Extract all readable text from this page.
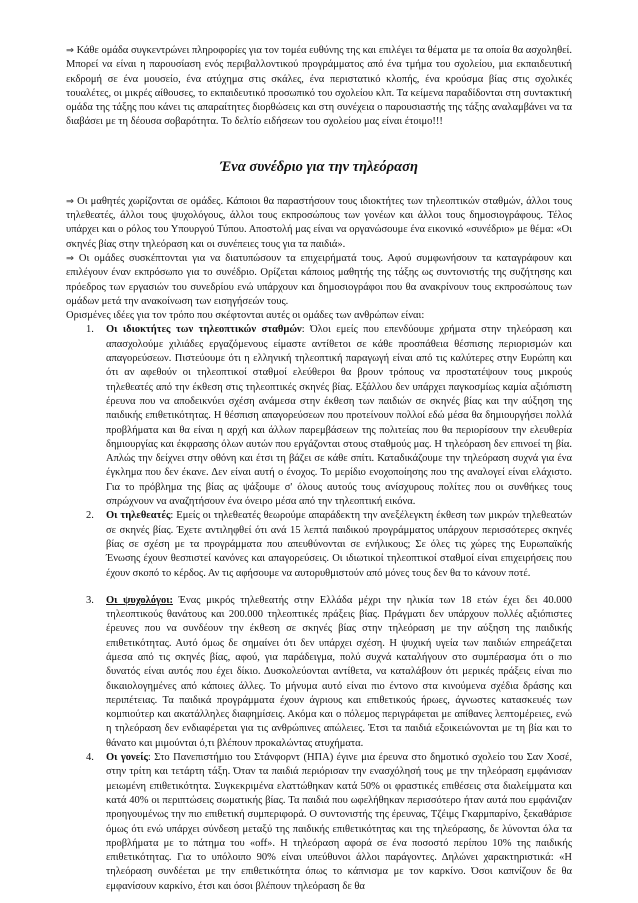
⇒ Κάθε ομάδα συγκεντρώνει πληροφορίες για τον τομέα ευθύνης της και επιλέγει τα θέματα με τα οποία θα ασχοληθεί. Μπορεί να είναι η παρουσίαση ενός περιβαλλοντικού προγράμματος από ένα τμήμα του σχολείου, μια εκπαιδευτική εκδρομή σε ένα μουσείο, ένα ατύχημα στις σκάλες, ένα περιστατικό κλοπής, ένα κρούσμα βίας στις σχολικές τουαλέτες, οι μικρές αίθουσες, το εκπαιδευτικό προσωπικό του σχολείου κλπ. Τα κείμενα παραδίδονται στη συντακτική ομάδα της τάξης που κάνει τις απαραίτητες διορθώσεις και στη συνέχεια ο παρουσιαστής της τάξης αναλαμβάνει να τα διαβάσει με τη δέουσα σοβαρότητα. Το δελτίο ειδήσεων του σχολείου μας είναι έτοιμο!!!

Ένα συνέδριο για την τηλεόραση

⇒ Οι μαθητές χωρίζονται σε ομάδες. Κάποιοι θα παραστήσουν τους ιδιοκτήτες των τηλεοπτικών σταθμών, άλλοι τους τηλεθεατές, άλλοι τους ψυχολόγους, άλλοι τους εκπροσώπους των γονέων και άλλοι τους δημοσιογράφους. Τέλος υπάρχει και ο ρόλος του Υπουργού Τύπου. Αποστολή μας είναι να οργανώσουμε ένα εικονικό «συνέδριο» με θέμα: «Οι σκηνές βίας στην τηλεόραση και οι συνέπειες τους για τα παιδιά».

⇒ Οι ομάδες συσκέπτονται για να διατυπώσουν τα επιχειρήματά τους. Αφού συμφωνήσουν τα καταγράφουν και επιλέγουν έναν εκπρόσωπο για το συνέδριο. Ορίζεται κάποιος μαθητής της τάξης ως συντονιστής της συζήτησης και πρόεδρος των εργασιών του συνεδρίου ενώ υπάρχουν και δημοσιογράφοι που θα ανακρίνουν τους εκπροσώπους των ομάδων μετά την ανακοίνωση των εισηγήσεών τους.

Ορισμένες ιδέες για τον τρόπο που σκέφτονται αυτές οι ομάδες των ανθρώπων είναι:

1. Οι ιδιοκτήτες των τηλεοπτικών σταθμών: Όλοι εμείς που επενδύουμε χρήματα στην τηλεόραση και απασχολούμε χιλιάδες εργαζόμενους είμαστε αντίθετοι σε κάθε προσπάθεια θέσπισης περιορισμών και απαγορεύσεων. Πιστεύουμε ότι η ελληνική τηλεοπτική παραγωγή είναι από τις καλύτερες στην Ευρώπη και ότι αν αφεθούν οι τηλεοπτικοί σταθμοί ελεύθεροι θα βρουν τρόπους να προστατέψουν τους μικρούς τηλεθεατές από την έκθεση στις τηλεοπτικές σκηνές βίας. Εξάλλου δεν υπάρχει παγκοσμίως καμία αξιόπιστη έρευνα που να αποδεικνύει σχέση ανάμεσα στην έκθεση των παιδιών σε σκηνές βίας και την αύξηση της παιδικής επιθετικότητας. Η θέσπιση απαγορεύσεων που προτείνουν πολλοί εδώ μέσα θα δημιουργήσει πολλά προβλήματα και θα είναι η αρχή και άλλων παρεμβάσεων της πολιτείας που θα περιορίσουν την ελευθερία δημιουργίας και έκφρασης όλων αυτών που εργάζονται στους σταθμούς μας. Η τηλεόραση δεν επινοεί τη βία. Απλώς την δείχνει στην οθόνη και έτσι τη βάζει σε κάθε σπίτι. Καταδικάζουμε την τηλεόραση συχνά για ένα έγκλημα που δεν έκανε. Δεν είναι αυτή ο ένοχος. Το μερίδιο ενοχοποίησης που της αναλογεί είναι ελάχιστο. Για το πρόβλημα της βίας ας ψάξουμε σ' όλους αυτούς τους ανίσχυρους πολίτες που οι συνθήκες τους σπρώχνουν να αναζητήσουν ένα όνειρο μέσα από την τηλεοπτική εικόνα.
2. Οι τηλεθεατές: Εμείς οι τηλεθεατές θεωρούμε απαράδεκτη την ανεξέλεγκτη έκθεση των μικρών τηλεθεατών σε σκηνές βίας. Έχετε αντιληφθεί ότι ανά 15 λεπτά παιδικού προγράμματος υπάρχουν περισσότερες σκηνές βίας σε σχέση με τα προγράμματα που απευθύνονται σε ενήλικους; Σε όλες τις χώρες της Ευρωπαϊκής Ένωσης έχουν θεσπιστεί κανόνες και απαγορεύσεις. Οι ιδιωτικοί τηλεοπτικοί σταθμοί είναι επιχειρήσεις που έχουν σκοπό το κέρδος. Αν τις αφήσουμε να αυτορυθμιστούν από μόνες τους δεν θα το κάνουν ποτέ.
3. Οι ψυχολόγοι: Ένας μικρός τηλεθεατής στην Ελλάδα μέχρι την ηλικία των 18 ετών έχει δει 40.000 τηλεοπτικούς θανάτους και 200.000 τηλεοπτικές πράξεις βίας. Πράγματι δεν υπάρχουν πολλές αξιόπιστες έρευνες που να συνδέουν την έκθεση σε σκηνές βίας στην τηλεόραση με την αύξηση της παιδικής επιθετικότητας. Αυτό όμως δε σημαίνει ότι δεν υπάρχει σχέση. Η ψυχική υγεία των παιδιών επηρεάζεται άμεσα από τις σκηνές βίας, αφού, για παράδειγμα, πολύ συχνά καταλήγουν στο συμπέρασμα ότι ο πιο δυνατός είναι αυτός που έχει δίκιο. Δυσκολεύονται αντίθετα, να καταλάβουν ότι μερικές πράξεις είναι πιο δικαιολογημένες από κάποιες άλλες. Το μήνυμα αυτό είναι πιο έντονο στα κινούμενα σχέδια δράσης και περιπέτειας. Τα παιδικά προγράμματα έχουν άγριους και επιθετικούς ήρωες, άγνωστες κατασκευές των κομπιούτερ και ακατάλληλες διαφημίσεις. Ακόμα και ο πόλεμος περιγράφεται με απίθανες λεπτομέρειες, ενώ η τηλεόραση δεν ενδιαφέρεται για τις ανθρώπινες απώλειες. Έτσι τα παιδιά εξοικειώνονται με τη βία και το θάνατο και μιμούνται ό,τι βλέπουν προκαλώντας ατυχήματα.
4. Οι γονείς: Στο Πανεπιστήμιο του Στάνφορντ (ΗΠΑ) έγινε μια έρευνα στο δημοτικό σχολείο του Σαν Χοσέ, στην τρίτη και τετάρτη τάξη. Όταν τα παιδιά περιόρισαν την ενασχόλησή τους με την τηλεόραση εμφάνισαν μειωμένη επιθετικότητα. Συγκεκριμένα ελαττώθηκαν κατά 50% οι φραστικές επιθέσεις στα διαλείμματα και κατά 40% οι περιπτώσεις σωματικής βίας. Τα παιδιά που ωφελήθηκαν περισσότερο ήταν αυτά που εμφάνιζαν προηγουμένως την πιο επιθετική συμπεριφορά. Ο συντονιστής της έρευνας, Τζέιμς Γκαρμπαρίνο, ξεκαθάρισε όμως ότι ενώ υπάρχει σύνδεση μεταξύ της παιδικής επιθετικότητας και της τηλεόρασης, δε λύνονται όλα τα προβλήματα με το πάτημα του «off». Η τηλεόραση αφορά σε ένα ποσοστό περίπου 10% της παιδικής επιθετικότητας. Για το υπόλοιπο 90% είναι υπεύθυνοι άλλοι παράγοντες. Δηλώνει χαρακτηριστικά: «Η τηλεόραση συνδέεται με την επιθετικότητα όπως το κάπνισμα με τον καρκίνο. Όσοι καπνίζουν δε θα εμφανίσουν καρκίνο, έτσι και όσοι βλέπουν τηλεόραση δε θα
